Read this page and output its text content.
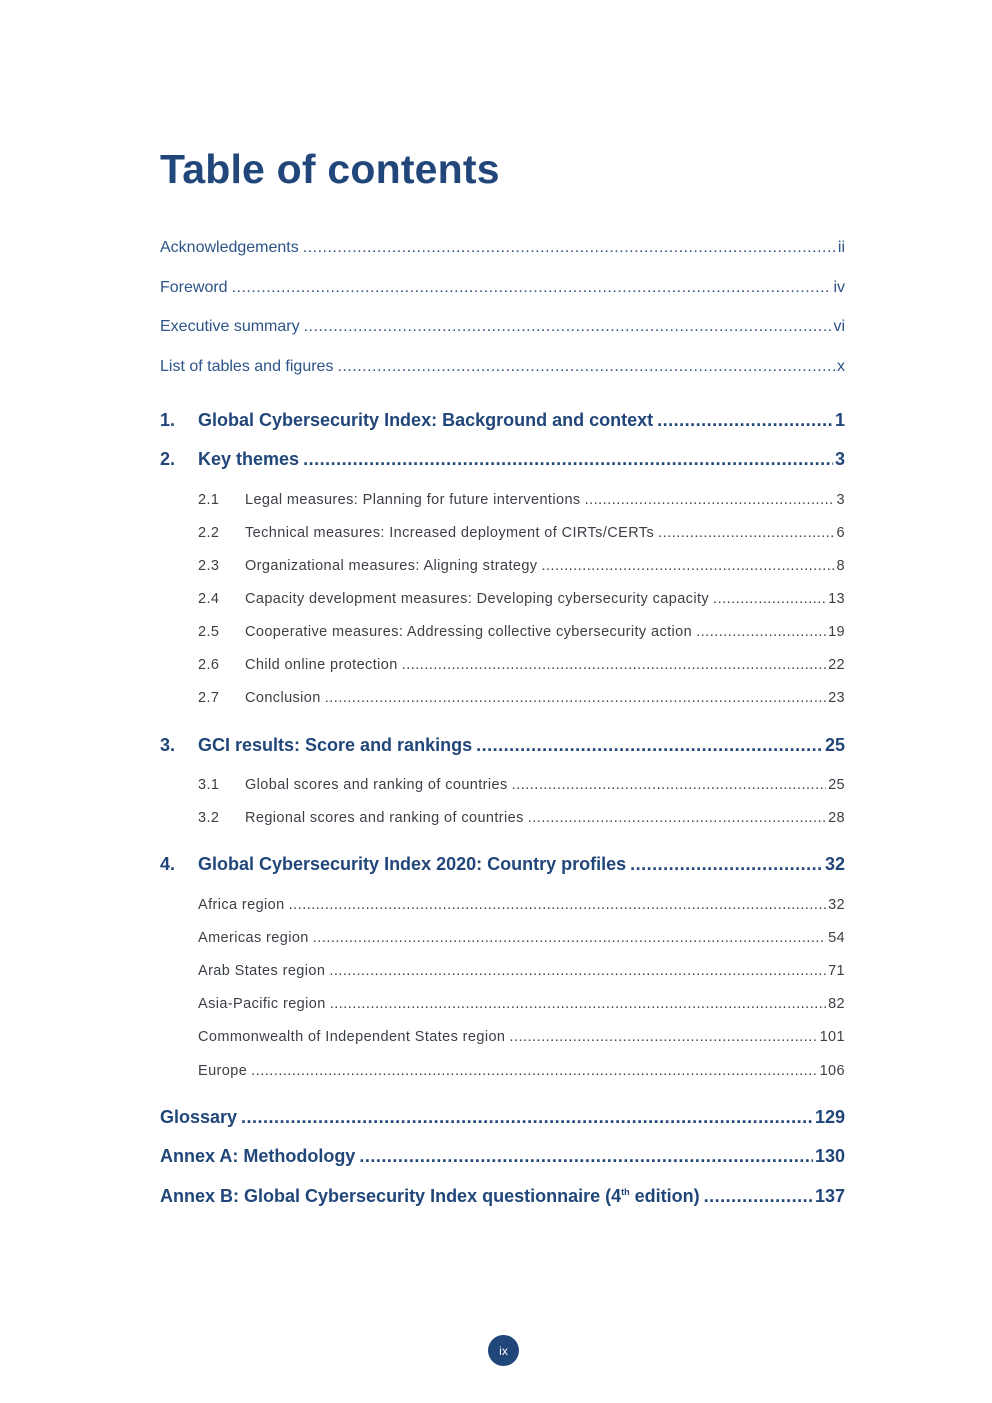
Table of contents
Acknowledgements .....	ii
Foreword .....	iv
Executive summary .....	vi
List of tables and figures .....	x
1.	Global Cybersecurity Index: Background and context .....	1
2.	Key themes .....	3
2.1	Legal measures: Planning for future interventions .....	3
2.2	Technical measures: Increased deployment of CIRTs/CERTs .....	6
2.3	Organizational measures: Aligning strategy .....	8
2.4	Capacity development measures: Developing cybersecurity capacity .....	13
2.5	Cooperative measures: Addressing collective cybersecurity action .....	19
2.6	Child online protection .....	22
2.7	Conclusion .....	23
3.	GCI results: Score and rankings .....	25
3.1	Global scores and ranking of countries .....	25
3.2	Regional scores and ranking of countries .....	28
4.	Global Cybersecurity Index 2020: Country profiles .....	32
Africa region .....	32
Americas region .....	54
Arab States region .....	71
Asia-Pacific region .....	82
Commonwealth of Independent States region .....	101
Europe .....	106
Glossary .....	129
Annex A: Methodology .....	130
Annex B: Global Cybersecurity Index questionnaire (4th edition) .....	137
ix
